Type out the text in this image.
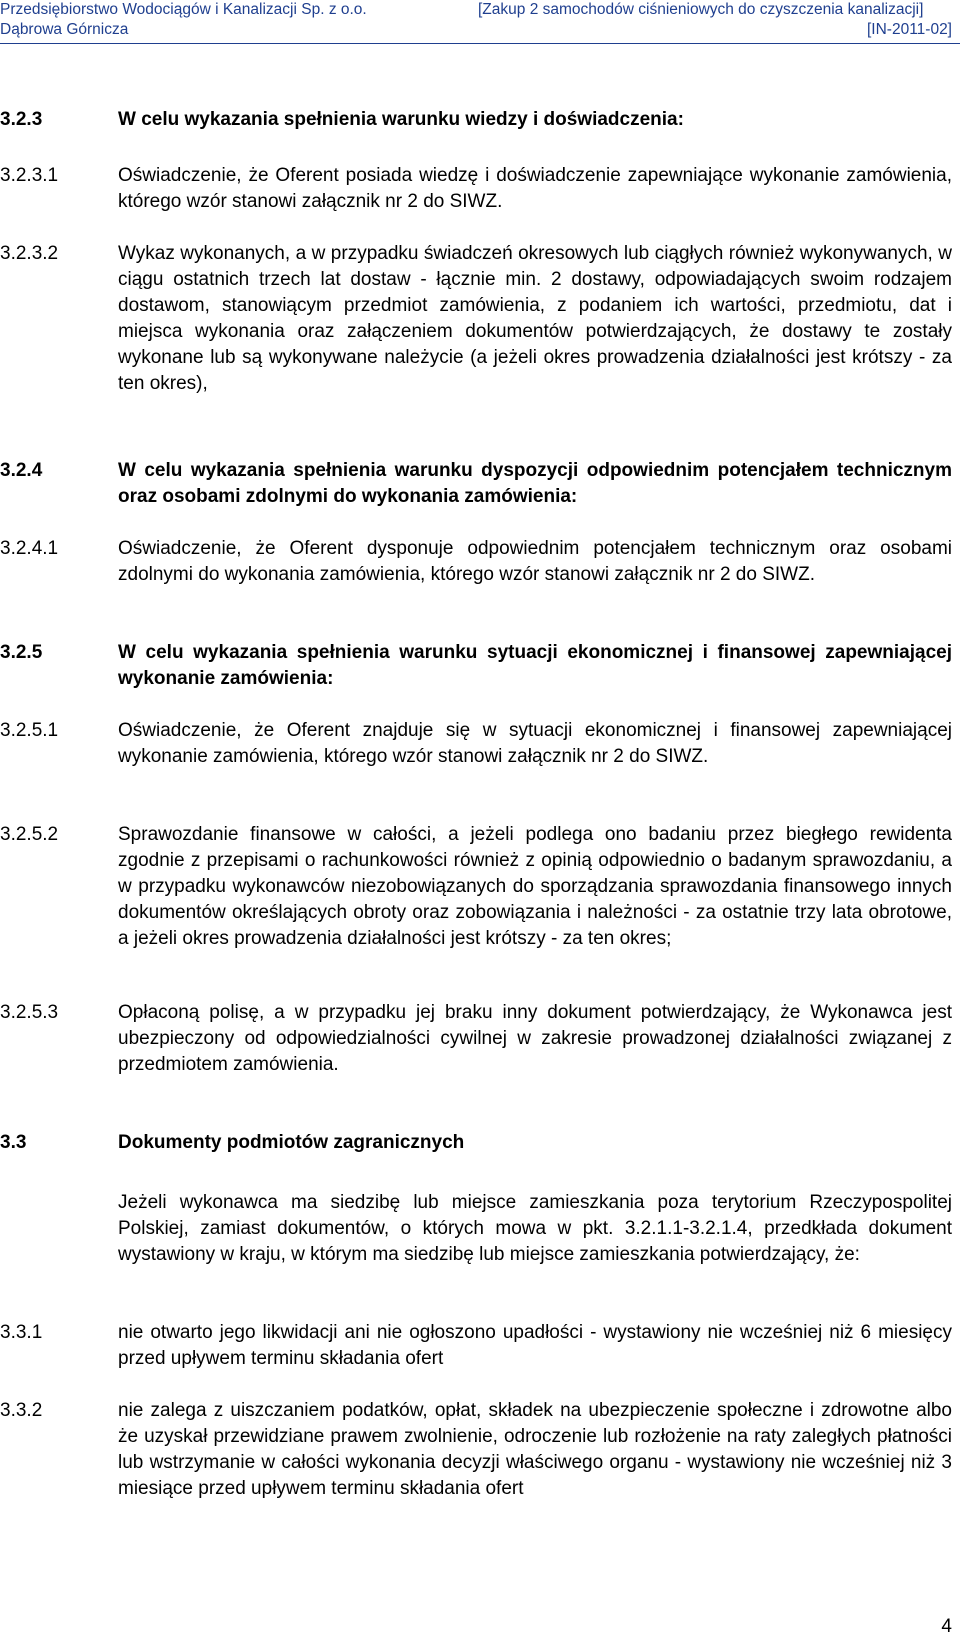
Przedsiębiorstwo Wodociągów i Kanalizacji Sp. z o.o.
Dąbrowa Górnicza
[Zakup 2 samochodów ciśnieniowych do czyszczenia kanalizacji]
[IN-2011-02]
3.2.3	W celu wykazania spełnienia warunku wiedzy i doświadczenia:

3.2.3.1	Oświadczenie, że Oferent posiada wiedzę i doświadczenie zapewniające wykonanie zamówienia, którego wzór stanowi załącznik nr 2 do SIWZ.

3.2.3.2	Wykaz wykonanych, a w przypadku świadczeń okresowych lub ciągłych również wykonywanych, w ciągu ostatnich trzech lat dostaw - łącznie min. 2 dostawy, odpowiadających swoim rodzajem dostawom, stanowiącym przedmiot zamówienia, z podaniem ich wartości, przedmiotu, dat i miejsca wykonania oraz załączeniem dokumentów potwierdzających, że dostawy te zostały wykonane lub są wykonywane należycie (a jeżeli okres prowadzenia działalności jest krótszy - za ten okres),

3.2.4	W celu wykazania spełnienia warunku dyspozycji odpowiednim potencjałem technicznym oraz osobami zdolnymi do wykonania zamówienia:

3.2.4.1	Oświadczenie, że Oferent dysponuje odpowiednim potencjałem technicznym oraz osobami zdolnymi do wykonania zamówienia, którego wzór stanowi załącznik nr 2 do SIWZ.

3.2.5	W celu wykazania spełnienia warunku sytuacji ekonomicznej i finansowej zapewniającej wykonanie zamówienia:

3.2.5.1	Oświadczenie, że Oferent znajduje się w sytuacji ekonomicznej i finansowej zapewniającej wykonanie zamówienia, którego wzór stanowi załącznik nr 2 do SIWZ.

3.2.5.2	Sprawozdanie finansowe w całości, a jeżeli podlega ono badaniu przez biegłego rewidenta zgodnie z przepisami o rachunkowości również z opinią odpowiednio o badanym sprawozdaniu, a w przypadku wykonawców niezobowiązanych do sporządzania sprawozdania finansowego innych dokumentów określających obroty oraz zobowiązania i należności - za ostatnie trzy lata obrotowe, a jeżeli okres prowadzenia działalności jest krótszy - za ten okres;

3.2.5.3	Opłaconą polisę, a w przypadku jej braku inny dokument potwierdzający, że Wykonawca jest ubezpieczony od odpowiedzialności cywilnej w zakresie prowadzonej działalności związanej z przedmiotem zamówienia.

3.3	Dokumenty podmiotów zagranicznych

Jeżeli wykonawca ma siedzibę lub miejsce zamieszkania poza terytorium Rzeczypospolitej Polskiej, zamiast dokumentów, o których mowa w pkt. 3.2.1.1-3.2.1.4, przedkłada dokument wystawiony w kraju, w którym ma siedzibę lub miejsce zamieszkania potwierdzający, że:

3.3.1	nie otwarto jego likwidacji ani nie ogłoszono upadłości - wystawiony nie wcześniej niż 6 miesięcy przed upływem terminu składania ofert

3.3.2	nie zalega z uiszczaniem podatków, opłat, składek na ubezpieczenie społeczne i zdrowotne albo że uzyskał przewidziane prawem zwolnienie, odroczenie lub rozłożenie na raty zaległych płatności lub wstrzymanie w całości wykonania decyzji właściwego organu - wystawiony nie wcześniej niż 3 miesiące przed upływem terminu składania ofert

4
